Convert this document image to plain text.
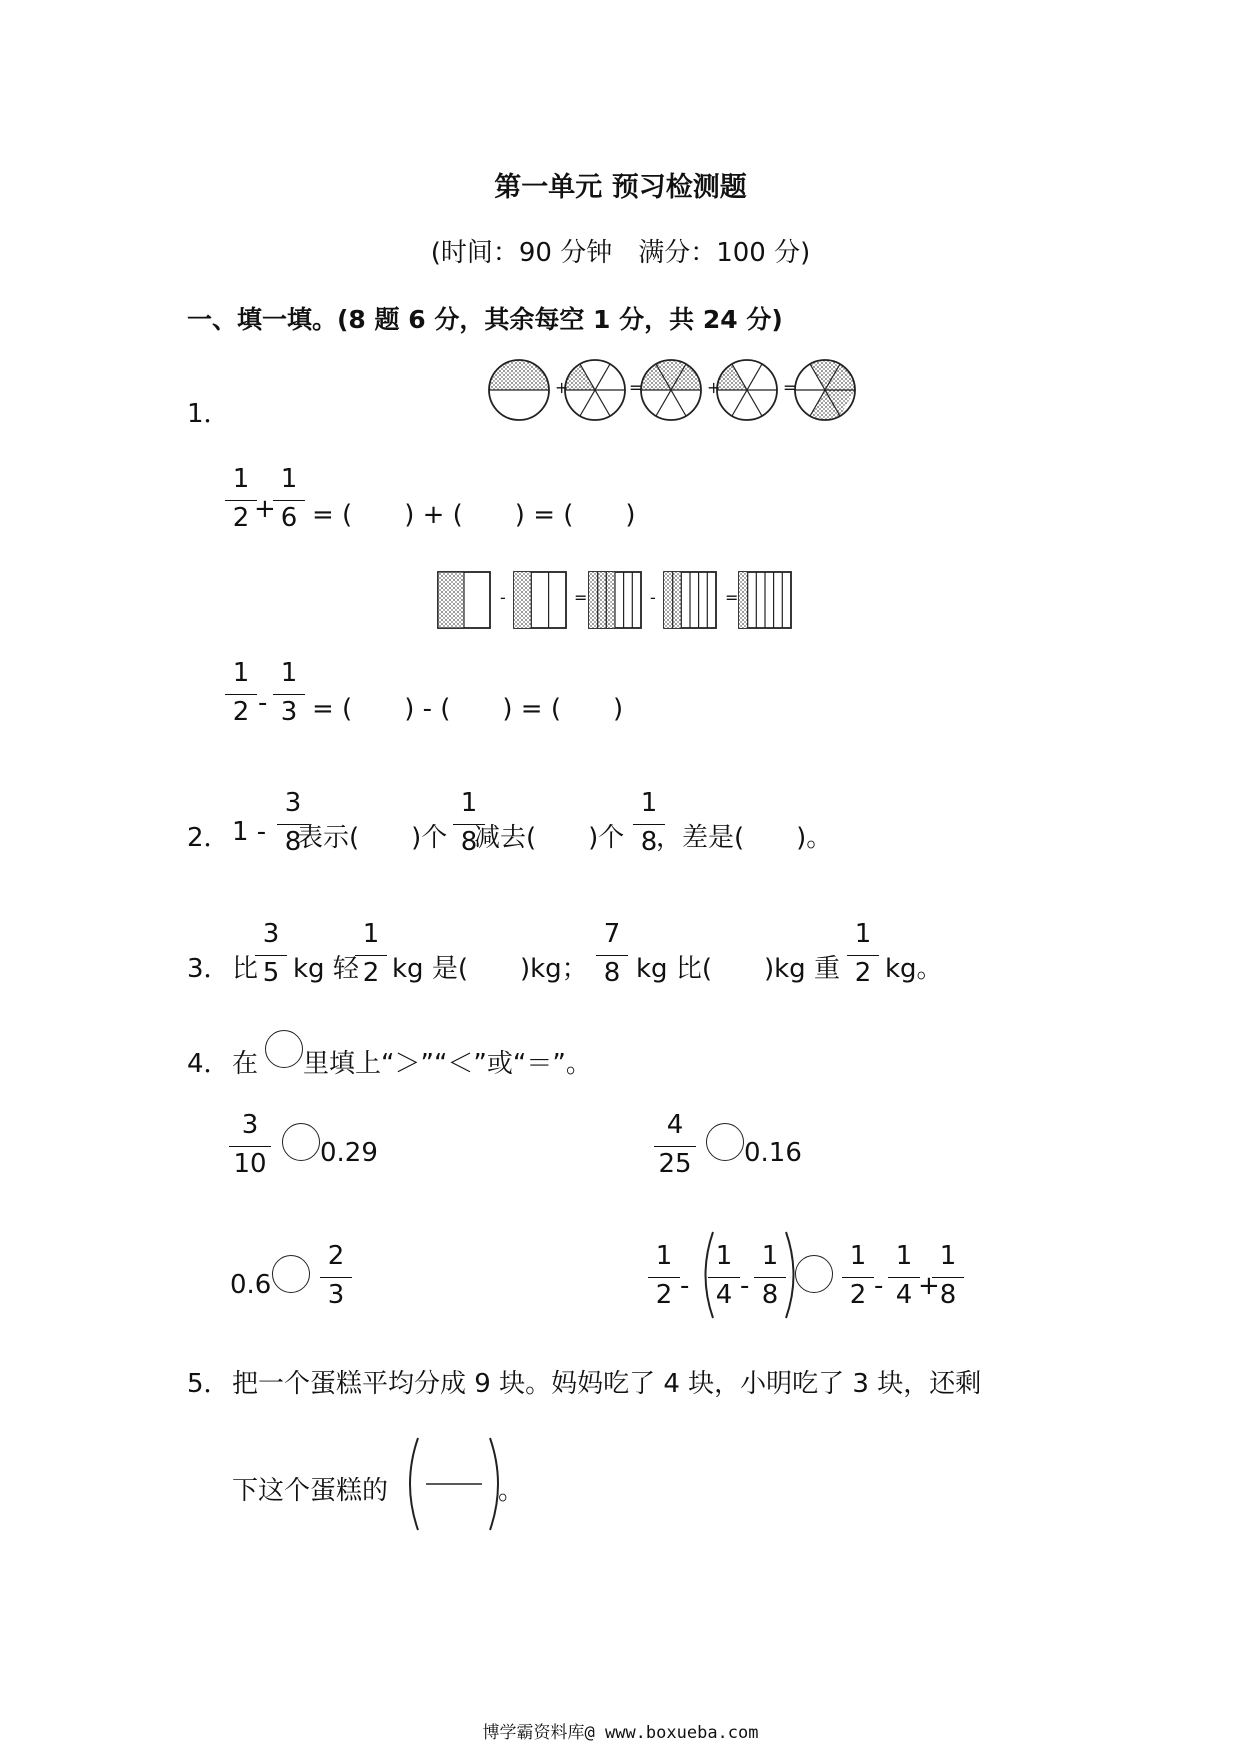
第一单元 预习检测题
(时间：90 分钟　满分：100 分)
一、填一填。(8 题 6 分，其余每空 1 分，共 24 分)
1．
+	=	+	=
1
2 +
1
6 = (　　) + (　　) = (　　)
-	=	-	=
1
2 -
1
3 = (　　) - (　　) = (　　)
2． 1 -
3
8
表示(　　)个
1
8
减去(　　)个
1
8
，差是(　　)。
3． 比
3
5 kg 轻
1
2 kg 是(　　)kg；
7
8 kg 比(　　)kg 重
1
2 kg。
4． 在 里填上“＞”“＜”或“＝”。
3
10 0.29
4
25 0.16
0.6
2
3
1
2 -
1
4 -
1
8
1
2 -
1
4 +
1
8
5． 把一个蛋糕平均分成 9 块。妈妈吃了 4 块，小明吃了 3 块，还剩
下这个蛋糕的	。
博学霸资料库@ www.boxueba.com
